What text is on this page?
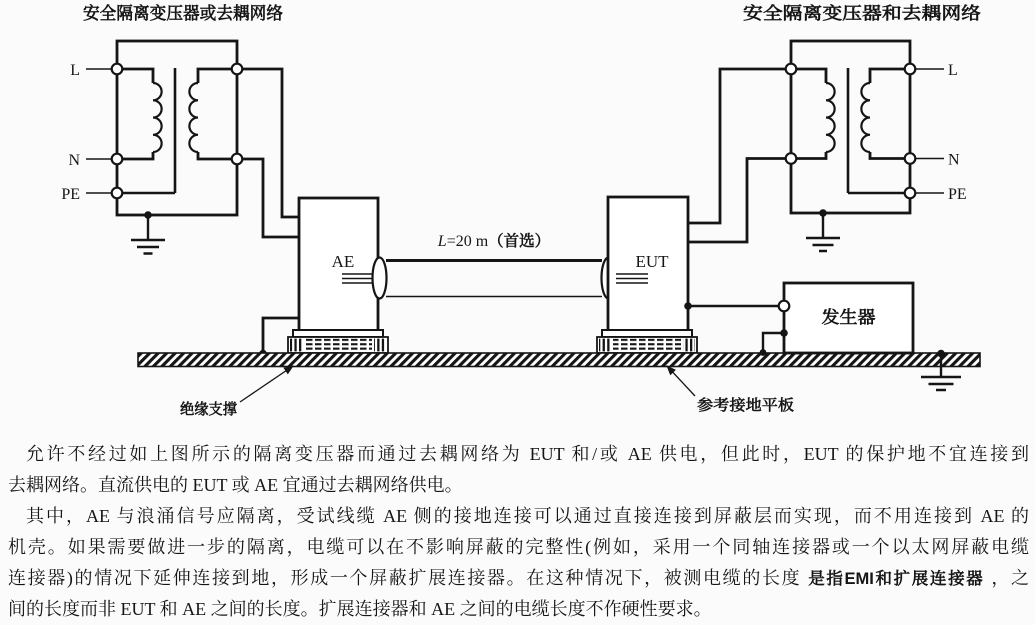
安全隔离变压器或去耦网络
L
N
PE
AE
L=20 m（首选）
EUT
安全隔离变压器和去耦网络
L
N
PE
发生器
绝缘支撑	参考接地平板
允许不经过如上图所示的隔离变压器而通过去耦网络为 EUT 和/或 AE 供电，但此时，EUT 的保护地不宜连接到
去耦网络。直流供电的 EUT 或 AE 宜通过去耦网络供电。
其中，AE 与浪涌信号应隔离，受试线缆 AE 侧的接地连接可以通过直接连接到屏蔽层而实现，而不用连接到 AE 的
机壳。如果需要做进一步的隔离，电缆可以在不影响屏蔽的完整性(例如，采用一个同轴连接器或一个以太网屏蔽电缆
连接器)的情况下延伸连接到地，形成一个屏蔽扩展连接器。在这种情况下，被测电缆的长度 是指EMI和扩展连接器 ，之
间的长度而非 EUT 和 AE 之间的长度。扩展连接器和 AE 之间的电缆长度不作硬性要求。
